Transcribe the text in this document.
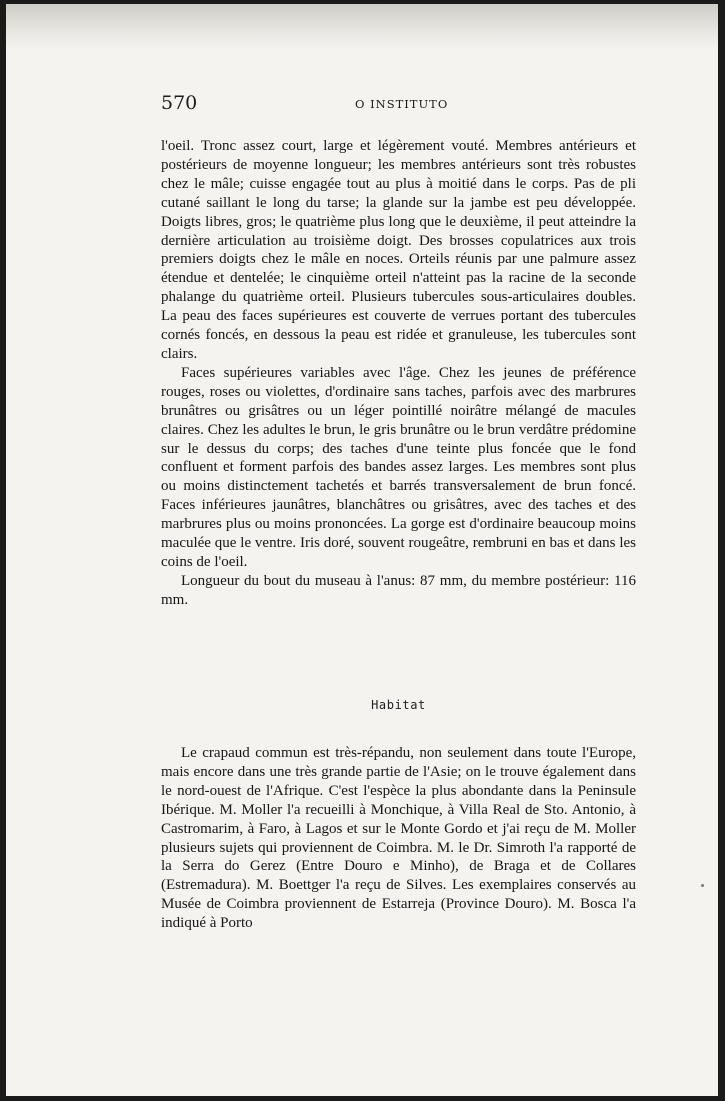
570	O INSTITUTO

l'oeil. Tronc assez court, large et légèrement vouté. Membres antérieurs et postérieurs de moyenne longueur; les membres antérieurs sont très robustes chez le mâle; cuisse engagée tout au plus à moitié dans le corps. Pas de pli cutané saillant le long du tarse; la glande sur la jambe est peu développée. Doigts libres, gros; le quatrième plus long que le deuxième, il peut atteindre la dernière articulation au troisième doigt. Des brosses copulatrices aux trois premiers doigts chez le mâle en noces. Orteils réunis par une palmure assez étendue et dentelée; le cinquième orteil n'atteint pas la racine de la seconde phalange du quatrième orteil. Plusieurs tubercules sous-articulaires doubles. La peau des faces supérieures est couverte de verrues portant des tubercules cornés foncés, en dessous la peau est ridée et granuleuse, les tubercules sont clairs.

Faces supérieures variables avec l'âge. Chez les jeunes de préférence rouges, roses ou violettes, d'ordinaire sans taches, parfois avec des marbrures brunâtres ou grisâtres ou un léger pointillé noirâtre mélangé de macules claires. Chez les adultes le brun, le gris brunâtre ou le brun verdâtre prédomine sur le dessus du corps; des taches d'une teinte plus foncée que le fond confluent et forment parfois des bandes assez larges. Les membres sont plus ou moins distinctement tachetés et barrés transversalement de brun foncé. Faces inférieures jaunâtres, blanchâtres ou grisâtres, avec des taches et des marbrures plus ou moins prononcées. La gorge est d'ordinaire beaucoup moins maculée que le ventre. Iris doré, souvent rougeâtre, rembruni en bas et dans les coins de l'oeil.

Longueur du bout du museau à l'anus: 87 mm, du membre postérieur: 116 mm.

Habitat

Le crapaud commun est très-répandu, non seulement dans toute l'Europe, mais encore dans une très grande partie de l'Asie; on le trouve également dans le nord-ouest de l'Afrique. C'est l'espèce la plus abondante dans la Peninsule Ibérique. M. Moller l'a recueilli à Monchique, à Villa Real de Sto. Antonio, à Castromarim, à Faro, à Lagos et sur le Monte Gordo et j'ai reçu de M. Moller plusieurs sujets qui proviennent de Coimbra. M. le Dr. Simroth l'a rapporté de la Serra do Gerez (Entre Douro e Minho), de Braga et de Collares (Estremadura). M. Boettger l'a reçu de Silves. Les exemplaires conservés au Musée de Coimbra proviennent de Estarreja (Province Douro). M. Bosca l'a indiqué à Porto
